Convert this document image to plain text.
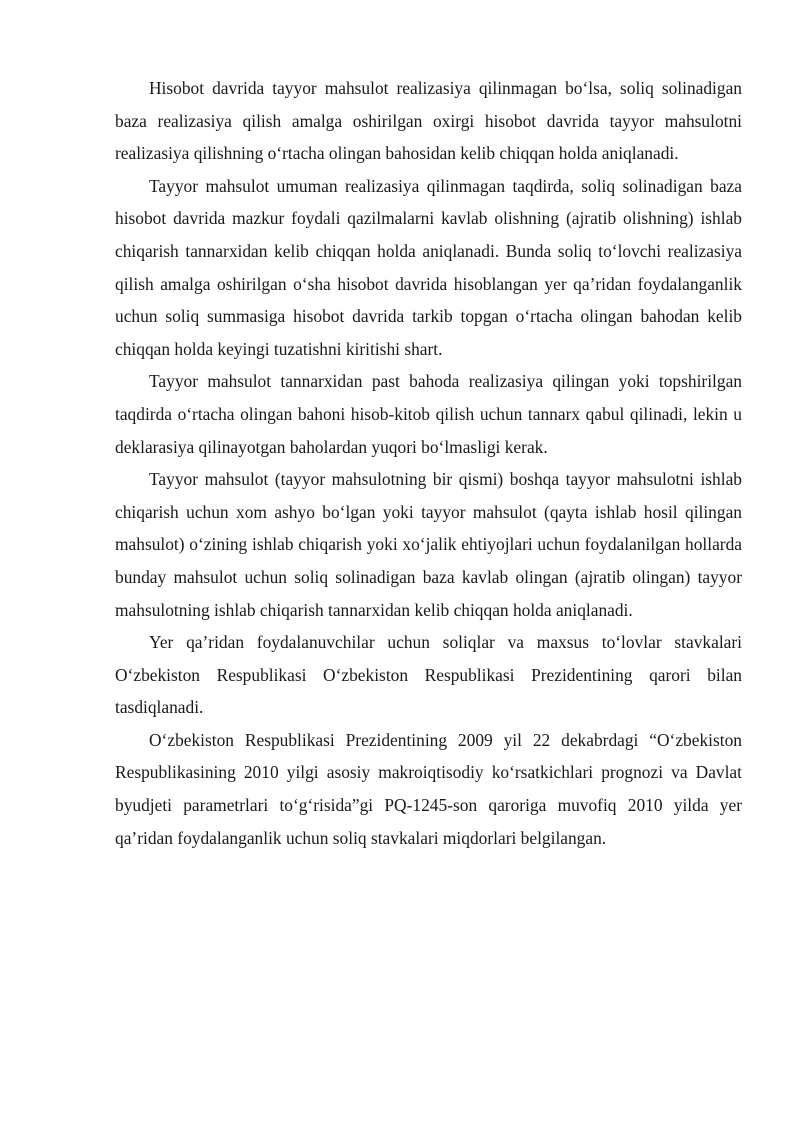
Hisobot davrida tayyor mahsulot realizasiya qilinmagan bo‘lsa, soliq solinadigan baza realizasiya qilish amalga oshirilgan oxirgi hisobot davrida tayyor mahsulotni realizasiya qilishning o‘rtacha olingan bahosidan kelib chiqqan holda aniqlanadi.

Tayyor mahsulot umuman realizasiya qilinmagan taqdirda, soliq solinadigan baza hisobot davrida mazkur foydali qazilmalarni kavlab olishning (ajratib olishning) ishlab chiqarish tannarxidan kelib chiqqan holda aniqlanadi. Bunda soliq to‘lovchi realizasiya qilish amalga oshirilgan o‘sha hisobot davrida hisoblangan yer qa’ridan foydalanganlik uchun soliq summasiga hisobot davrida tarkib topgan o‘rtacha olingan bahodan kelib chiqqan holda keyingi tuzatishni kiritishi shart.

Tayyor mahsulot tannarxidan past bahoda realizasiya qilingan yoki topshirilgan taqdirda o‘rtacha olingan bahoni hisob-kitob qilish uchun tannarx qabul qilinadi, lekin u deklarasiya qilinayotgan baholardan yuqori bo‘lmasligi kerak.

Tayyor mahsulot (tayyor mahsulotning bir qismi) boshqa tayyor mahsulotni ishlab chiqarish uchun xom ashyo bo‘lgan yoki tayyor mahsulot (qayta ishlab hosil qilingan mahsulot) o‘zining ishlab chiqarish yoki xo‘jalik ehtiyojlari uchun foydalanilgan hollarda bunday mahsulot uchun soliq solinadigan baza kavlab olingan (ajratib olingan) tayyor mahsulotning ishlab chiqarish tannarxidan kelib chiqqan holda aniqlanadi.

Yer qa’ridan foydalanuvchilar uchun soliqlar va maxsus to‘lovlar stavkalari O‘zbekiston Respublikasi O‘zbekiston Respublikasi Prezidentining qarori bilan tasdiqlanadi.

O‘zbekiston Respublikasi Prezidentining 2009 yil 22 dekabrdagi “O‘zbekiston Respublikasining 2010 yilgi asosiy makroiqtisodiy ko‘rsatkichlari prognozi va Davlat byudjeti parametrlari to‘g‘risida”gi PQ-1245-son qaroriga muvofiq 2010 yilda yer qa’ridan foydalanganlik uchun soliq stavkalari miqdorlari belgilangan.
